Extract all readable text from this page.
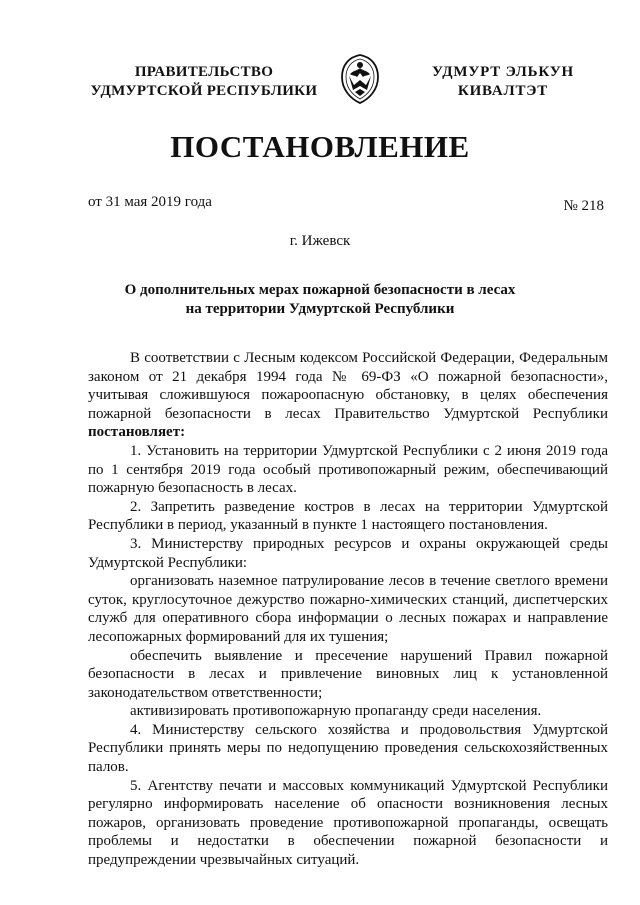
ПРАВИТЕЛЬСТВО
УДМУРТСКОЙ РЕСПУБЛИКИ
УДМУРТ ЭЛЬКУН
КИВАЛТЭТ
ПОСТАНОВЛЕНИЕ
от 31 мая 2019 года	№ 218
г. Ижевск
О дополнительных мерах пожарной безопасности в лесах
на территории Удмуртской Республики

В соответствии с Лесным кодексом Российской Федерации, Федеральным законом от 21 декабря 1994 года № 69-ФЗ «О пожарной безопасности», учитывая сложившуюся пожароопасную обстановку, в целях обеспечения пожарной безопасности в лесах Правительство Удмуртской Республики постановляет:

1. Установить на территории Удмуртской Республики с 2 июня 2019 года по 1 сентября 2019 года особый противопожарный режим, обеспечивающий пожарную безопасность в лесах.

2. Запретить разведение костров в лесах на территории Удмуртской Республики в период, указанный в пункте 1 настоящего постановления.

3. Министерству природных ресурсов и охраны окружающей среды Удмуртской Республики:

организовать наземное патрулирование лесов в течение светлого времени суток, круглосуточное дежурство пожарно-химических станций, диспетчерских служб для оперативного сбора информации о лесных пожарах и направление лесопожарных формирований для их тушения;

обеспечить выявление и пресечение нарушений Правил пожарной безопасности в лесах и привлечение виновных лиц к установленной законодательством ответственности;

активизировать противопожарную пропаганду среди населения.

4. Министерству сельского хозяйства и продовольствия Удмуртской Республики принять меры по недопущению проведения сельскохозяйственных палов.

5. Агентству печати и массовых коммуникаций Удмуртской Республики регулярно информировать население об опасности возникновения лесных пожаров, организовать проведение противопожарной пропаганды, освещать проблемы и недостатки в обеспечении пожарной безопасности и предупреждении чрезвычайных ситуаций.
